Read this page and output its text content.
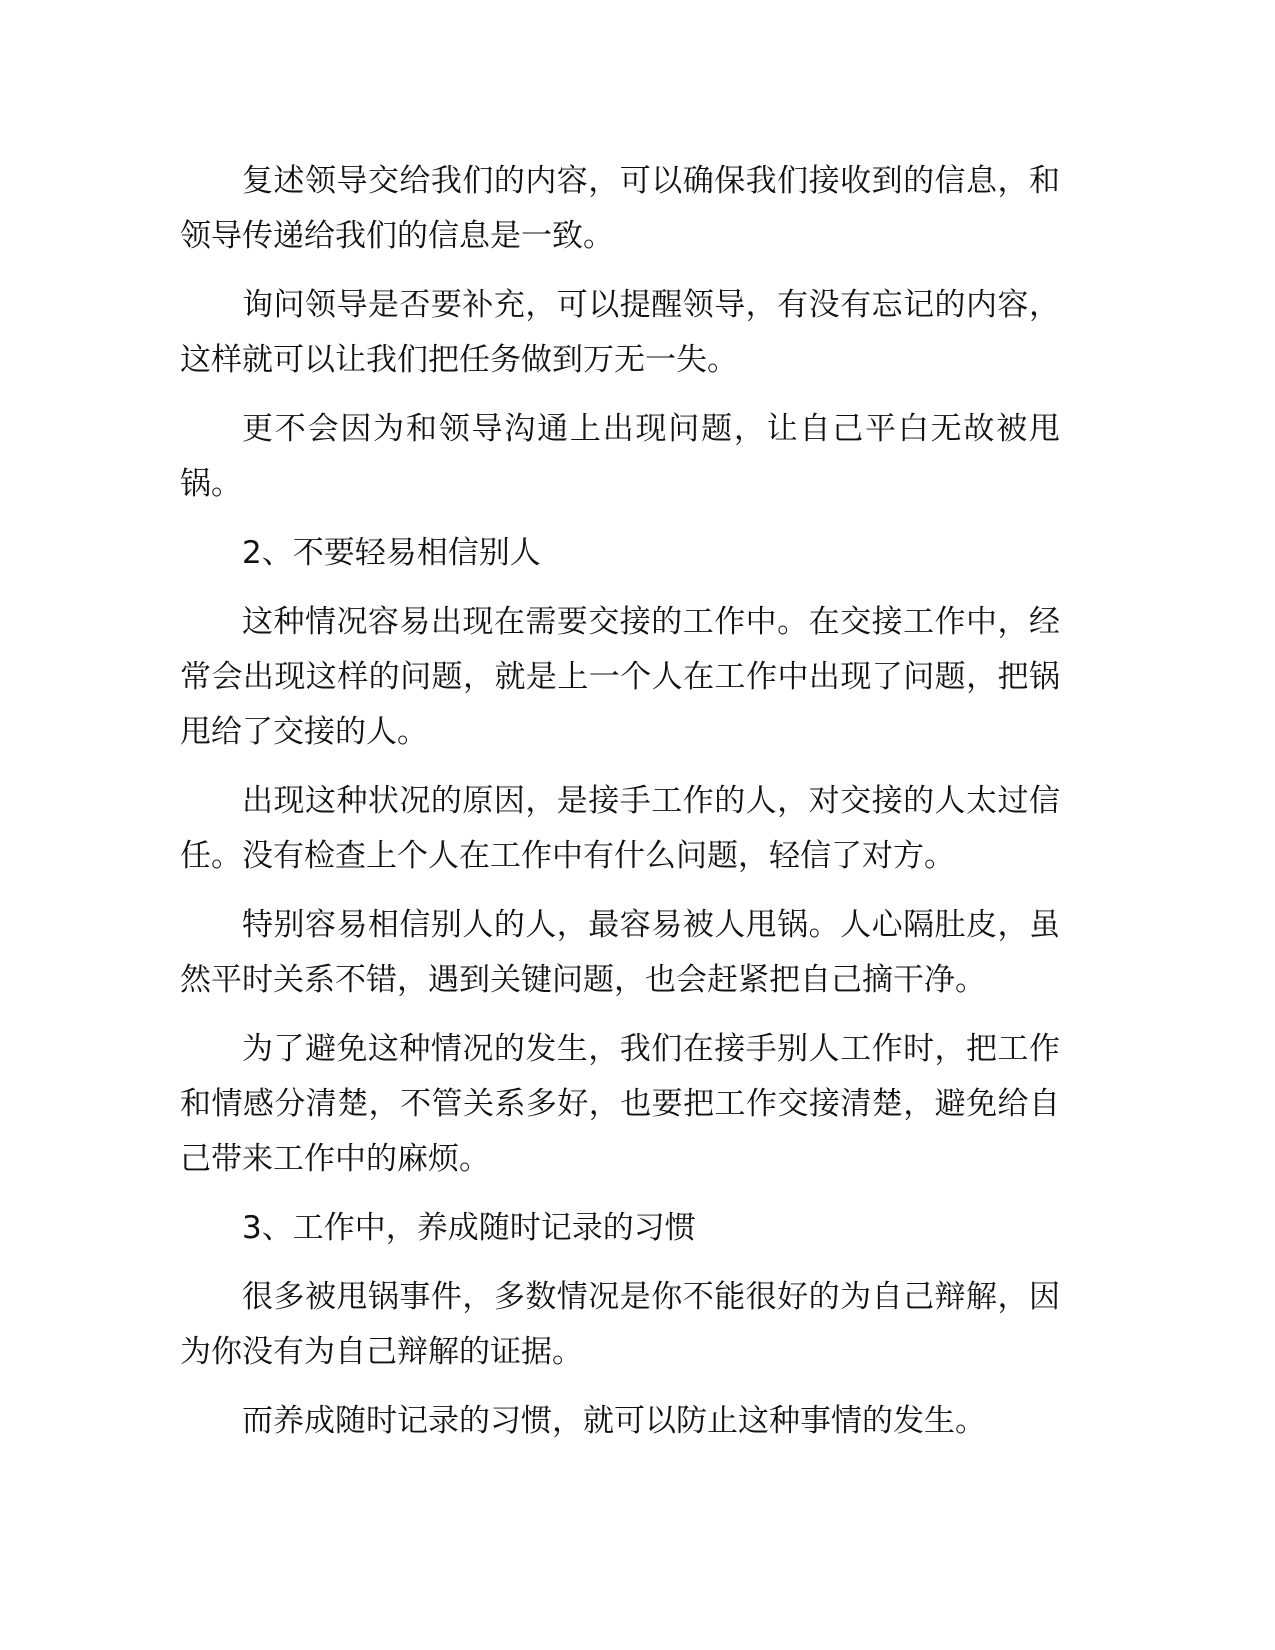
复述领导交给我们的内容，可以确保我们接收到的信息，和领导传递给我们的信息是一致。

询问领导是否要补充，可以提醒领导，有没有忘记的内容，这样就可以让我们把任务做到万无一失。

更不会因为和领导沟通上出现问题，让自己平白无故被甩锅。

2、不要轻易相信别人

这种情况容易出现在需要交接的工作中。在交接工作中，经常会出现这样的问题，就是上一个人在工作中出现了问题，把锅甩给了交接的人。

出现这种状况的原因，是接手工作的人，对交接的人太过信任。没有检查上个人在工作中有什么问题，轻信了对方。

特别容易相信别人的人，最容易被人甩锅。人心隔肚皮，虽然平时关系不错，遇到关键问题，也会赶紧把自己摘干净。

为了避免这种情况的发生，我们在接手别人工作时，把工作和情感分清楚，不管关系多好，也要把工作交接清楚，避免给自己带来工作中的麻烦。

3、工作中，养成随时记录的习惯

很多被甩锅事件，多数情况是你不能很好的为自己辩解，因为你没有为自己辩解的证据。

而养成随时记录的习惯，就可以防止这种事情的发生。
